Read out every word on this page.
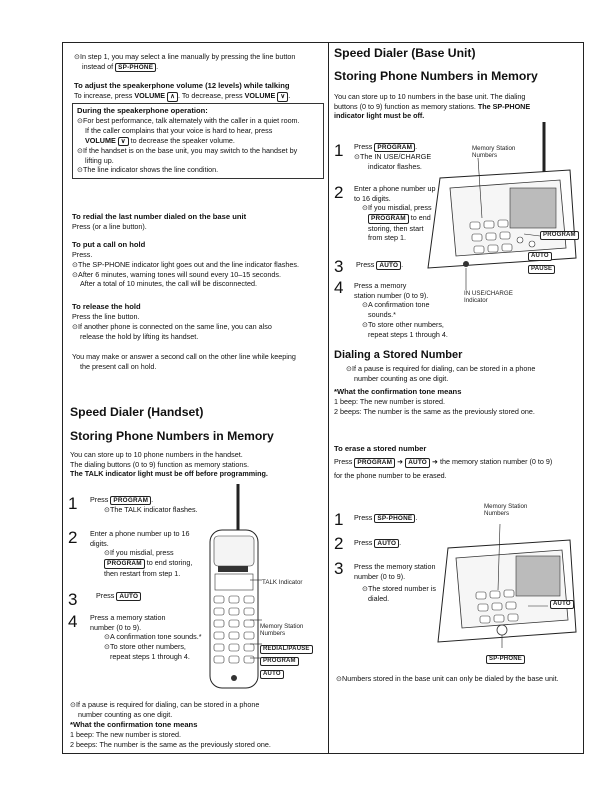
⊙In step 1, you may select a line manually by pressing the line button

instead of SP-PHONE .

To adjust the speakerphone volume (12 levels) while talking

To increase, press VOLUME ∧ . To decrease, press VOLUME ∨ .

During the speakerphone operation:

⊙For best performance, talk alternately with the caller in a quiet room.

If the caller complains that your voice is hard to hear, press

VOLUME ∨ to decrease the speaker volume.

⊙If the handset is on the base unit, you may switch to the handset by

lifting up.

⊙The line indicator shows the line condition.

To redial the last number dialed on the base unit

Press (or a line button).

To put a call on hold

Press.

⊙The SP-PHONE indicator light goes out and the line indicator flashes.

⊙After 6 minutes, warning tones will sound every 10–15 seconds.

After a total of 10 minutes, the call will be disconnected.

To release the hold

Press the line button.

⊙If another phone is connected on the same line, you can also

release the hold by lifting its handset.

You may make or answer a second call on the other line while keeping

the present call on hold.

Speed Dialer (Handset)
Storing Phone Numbers in Memory

You can store up to 10 phone numbers in the handset.

The dialing buttons (0 to 9) function as memory stations.

The TALK indicator light must be off before programming.

1 Press PROGRAM .

⊙The TALK indicator flashes.

2 Enter a phone number up to 16

digits.

⊙If you misdial, press

PROGRAM to end storing,

then restart from step 1.

3	Press AUTO

4 Press a memory station

number (0 to 9).

⊙A confirmation tone sounds.*

⊙To store other numbers,

repeat steps 1 through 4.

TALK Indicator

Memory Station

Numbers

REDIAL/PAUSE
PROGRAM
AUTO

⊙If a pause is required for dialing, can be stored in a phone

number counting as one digit.

*What the confirmation tone means

1 beep: The new number is stored.

2 beeps: The number is the same as the previously stored one.

Speed Dialer (Base Unit)
Storing Phone Numbers in Memory

You can store up to 10 numbers in the base unit. The dialing

buttons (0 to 9) function as memory stations. The SP-PHONE

indicator light must be off.

1 Press PROGRAM .

⊙The IN USE/CHARGE

indicator flashes.

2 Enter a phone number up

to 16 digits.

⊙If you misdial, press

PROGRAM to end

storing, then start

from step 1.

3 Press AUTO .

4 Press a memory

station number (0 to 9).

⊙A confirmation tone

sounds.*

⊙To store other numbers,

repeat steps 1 through 4.

Memory Station

Numbers

PROGRAM
AUTO
PAUSE

IN USE/CHARGE

Indicator

Dialing a Stored Number

⊙If a pause is required for dialing, can be stored in a phone

number counting as one digit.

*What the confirmation tone means

1 beep: The new number is stored.

2 beeps: The number is the same as the previously stored one.

To erase a stored number

Press PROGRAM ➜ AUTO ➜ the memory station number (0 to 9)

for the phone number to be erased.

1 Press SP-PHONE .

2 Press AUTO .

3 Press the memory station

number (0 to 9).

⊙The stored number is

dialed.

Memory Station

Numbers

AUTO
SP-PHONE
⊙Numbers stored in the base unit can only be dialed by the base unit.
